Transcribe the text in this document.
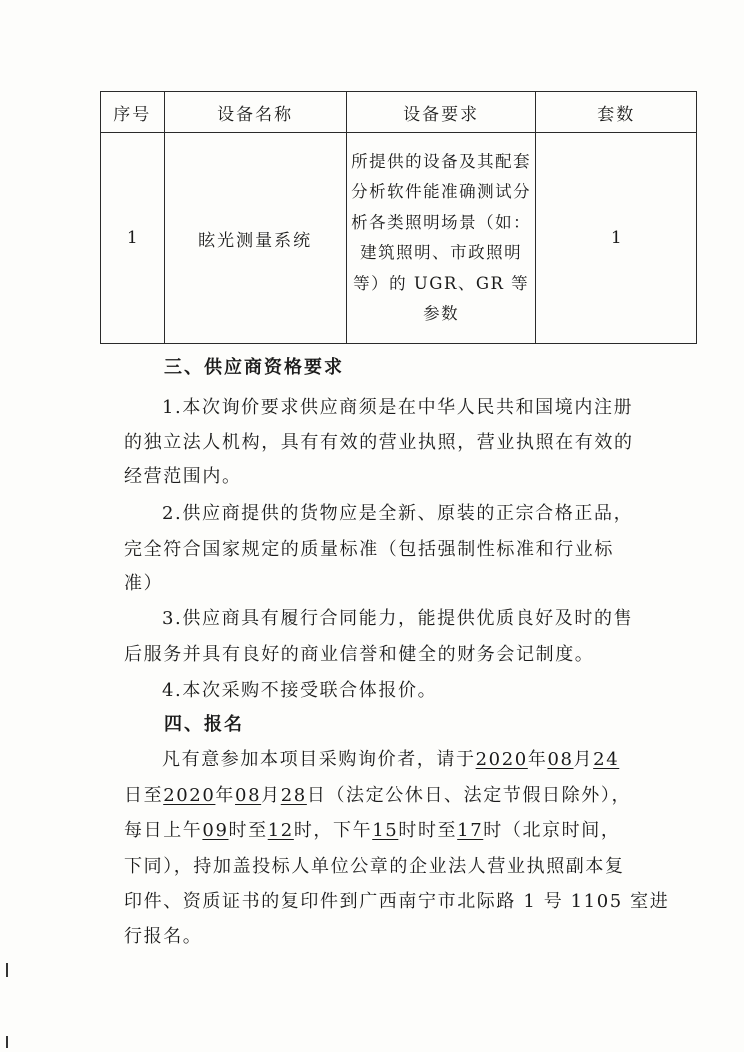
序号	设备名称	设备要求	套数
1	眩光测量系统	所提供的设备及其配套分析软件能准确测试分析各类照明场景（如：建筑照明、市政照明等）的 UGR、GR 等参数	1
三、供应商资格要求
1.本次询价要求供应商须是在中华人民共和国境内注册
的独立法人机构，具有有效的营业执照，营业执照在有效的
经营范围内。
2.供应商提供的货物应是全新、原装的正宗合格正品，
完全符合国家规定的质量标准（包括强制性标准和行业标
准）
3.供应商具有履行合同能力，能提供优质良好及时的售
后服务并具有良好的商业信誉和健全的财务会记制度。
4.本次采购不接受联合体报价。
四、报名
凡有意参加本项目采购询价者，请于2020年08月24
日至2020年08月28日（法定公休日、法定节假日除外），
每日上午09时至12时，下午15时时至17时（北京时间，
下同），持加盖投标人单位公章的企业法人营业执照副本复
印件、资质证书的复印件到广西南宁市北际路 1 号 1105 室进
行报名。
